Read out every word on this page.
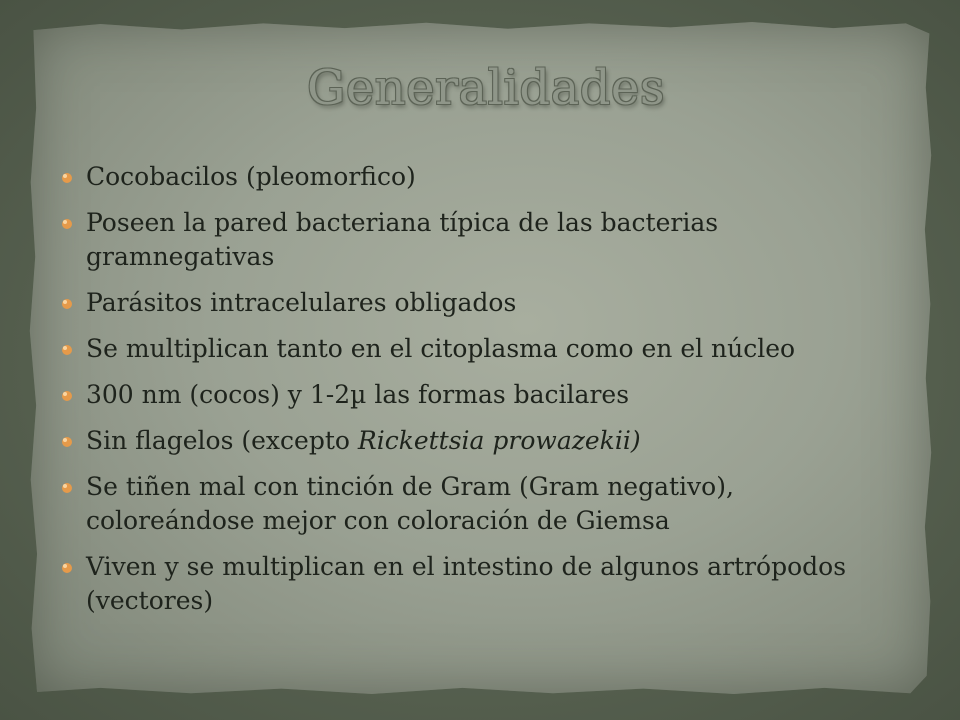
Generalidades
Cocobacilos (pleomorfico)
Poseen la pared bacteriana típica de las bacterias gramnegativas
Parásitos intracelulares obligados
Se multiplican tanto en el citoplasma como en el núcleo
300 nm (cocos) y 1-2µ las formas bacilares
Sin flagelos (excepto Rickettsia prowazekii)
Se tiñen mal con tinción de Gram (Gram negativo), coloreándose mejor con coloración de Giemsa
Viven y se multiplican en el intestino de algunos artrópodos (vectores)
